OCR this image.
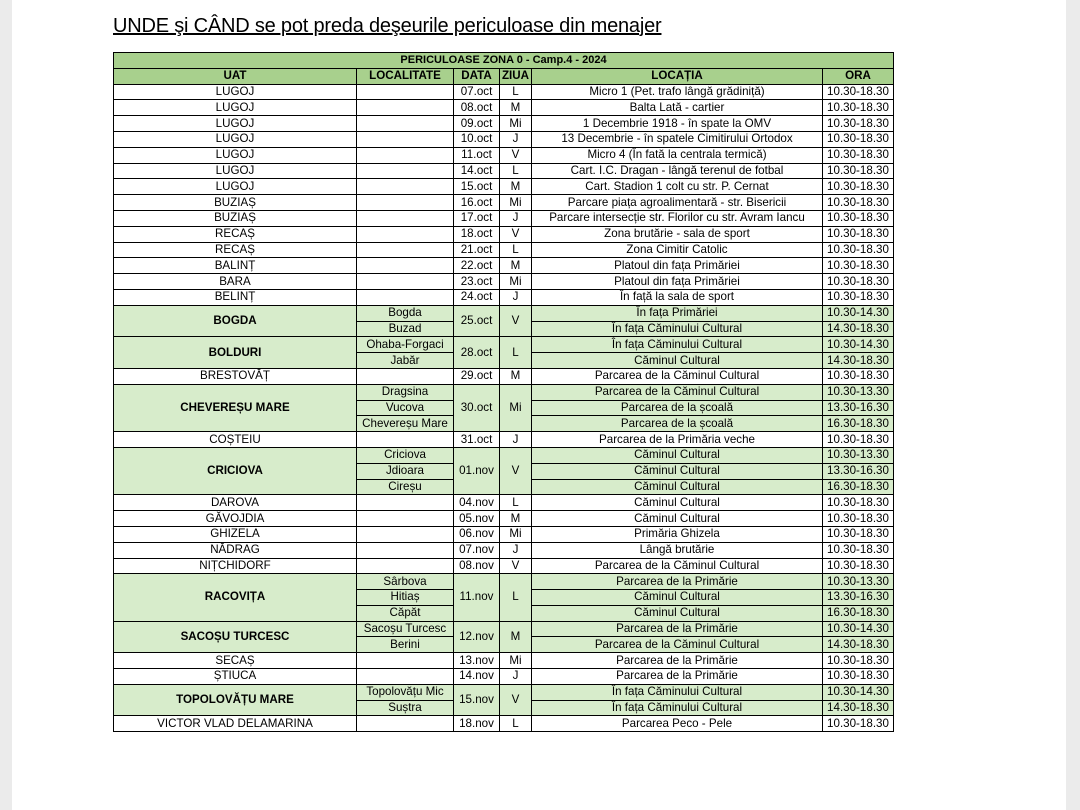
UNDE şi CÂND se pot preda deşeurile periculoase din menajer
PERICULOASE ZONA 0 - Camp.4 - 2024					
UAT	LOCALITATE	DATA	ZIUA	LOCAȚIA	ORA
LUGOJ		07.oct	L	Micro 1 (Pet. trafo lângă grădiniță)	10.30-18.30
LUGOJ		08.oct	M	Balta Lată - cartier	10.30-18.30
LUGOJ		09.oct	Mi	1 Decembrie 1918 - în spate la OMV	10.30-18.30
LUGOJ		10.oct	J	13 Decembrie - în spatele Cimitirului Ortodox	10.30-18.30
LUGOJ		11.oct	V	Micro 4 (În fată la centrala termică)	10.30-18.30
LUGOJ		14.oct	L	Cart. I.C. Dragan - lângă terenul de fotbal	10.30-18.30
LUGOJ		15.oct	M	Cart. Stadion 1 colt cu str. P. Cernat	10.30-18.30
BUZIAȘ		16.oct	Mi	Parcare piața agroalimentară - str. Bisericii	10.30-18.30
BUZIAȘ		17.oct	J	Parcare intersecție str. Florilor cu str. Avram Iancu	10.30-18.30
RECAȘ		18.oct	V	Zona brutărie - sala de sport	10.30-18.30
RECAȘ		21.oct	L	Zona Cimitir Catolic	10.30-18.30
BALINȚ		22.oct	M	Platoul din fața Primăriei	10.30-18.30
BARA		23.oct	Mi	Platoul din fața Primăriei	10.30-18.30
BELINȚ		24.oct	J	În față la sala de sport	10.30-18.30
BOGDA	Bogda	25.oct	V	În fața Primăriei	10.30-14.30
	Buzad			În fața Căminului Cultural	14.30-18.30
BOLDURI	Ohaba-Forgaci	28.oct	L	În fața Căminului Cultural	10.30-14.30
	Jabăr			Căminul Cultural	14.30-18.30
BRESTOVĂȚ		29.oct	M	Parcarea de la Căminul Cultural	10.30-18.30
CHEVEREȘU MARE	Dragsina	30.oct	Mi	Parcarea de la Căminul Cultural	10.30-13.30
	Vucova			Parcarea de la școală	13.30-16.30
	Chevereșu Mare			Parcarea de la școală	16.30-18.30
COȘTEIU		31.oct	J	Parcarea de la Primăria veche	10.30-18.30
CRICIOVA	Criciova	01.nov	V	Căminul Cultural	10.30-13.30
	Jdioara			Căminul Cultural	13.30-16.30
	Cireșu			Căminul Cultural	16.30-18.30
DAROVA		04.nov	L	Căminul Cultural	10.30-18.30
GĂVOJDIA		05.nov	M	Căminul Cultural	10.30-18.30
GHIZELA		06.nov	Mi	Primăria Ghizela	10.30-18.30
NĂDRAG		07.nov	J	Lângă brutărie	10.30-18.30
NIȚCHIDORF		08.nov	V	Parcarea de la Căminul Cultural	10.30-18.30
RACOVIȚA	Sârbova	11.nov	L	Parcarea de la Primărie	10.30-13.30
	Hitiaș			Căminul Cultural	13.30-16.30
	Căpăt			Căminul Cultural	16.30-18.30
SACOȘU TURCESC	Sacoșu Turcesc	12.nov	M	Parcarea de la Primărie	10.30-14.30
	Berini			Parcarea de la Căminul Cultural	14.30-18.30
SECAȘ		13.nov	Mi	Parcarea de la Primărie	10.30-18.30
ȘTIUCA		14.nov	J	Parcarea de la Primărie	10.30-18.30
TOPOLOVĂȚU MARE	Topolovățu Mic	15.nov	V	În fața Căminului Cultural	10.30-14.30
	Suștra			În fața Căminului Cultural	14.30-18.30
VICTOR VLAD DELAMARINA		18.nov	L	Parcarea Peco - Pele	10.30-18.30
